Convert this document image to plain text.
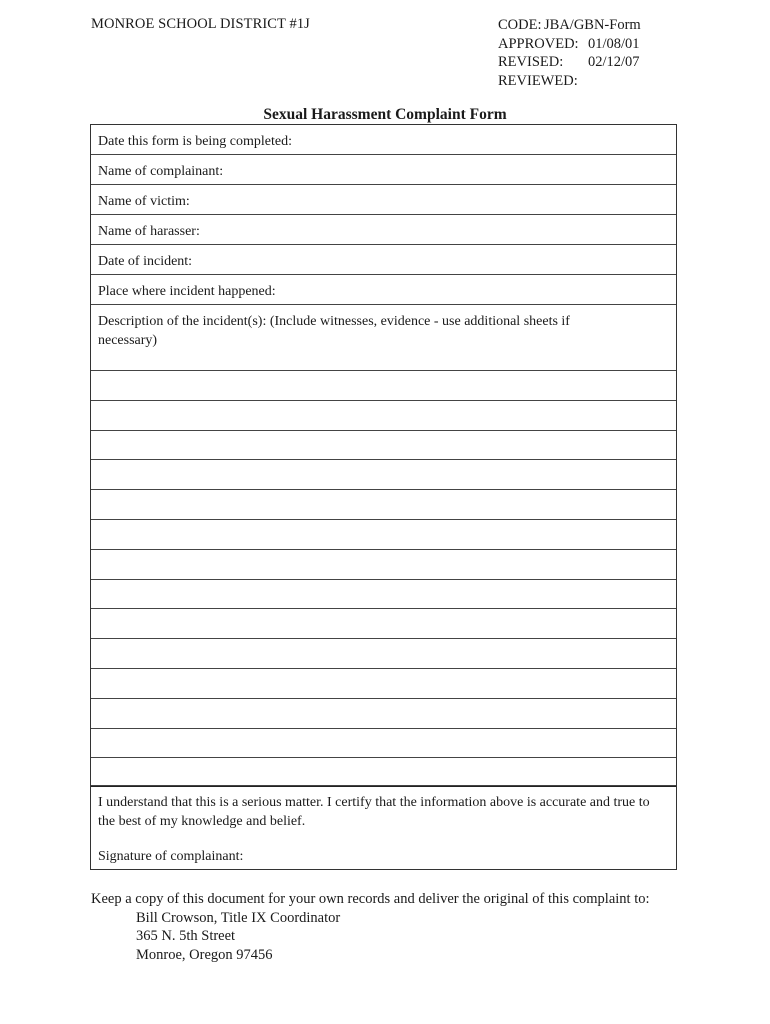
MONROE SCHOOL DISTRICT #1J	CODE: JBA/GBN-Form
APPROVED: 01/08/01
REVISED:	02/12/07
REVIEWED:
Sexual Harassment Complaint Form
Date this form is being completed:
Name of complainant:
Name of victim:
Name of harasser:
Date of incident:
Place where incident happened:
Description of the incident(s): (Include witnesses, evidence - use additional sheets if necessary)
I understand that this is a serious matter. I certify that the information above is accurate and true to the best of my knowledge and belief.
Signature of complainant:
Keep a copy of this document for your own records and deliver the original of this complaint to:
Bill Crowson, Title IX Coordinator
365 N. 5th Street
Monroe, Oregon 97456
